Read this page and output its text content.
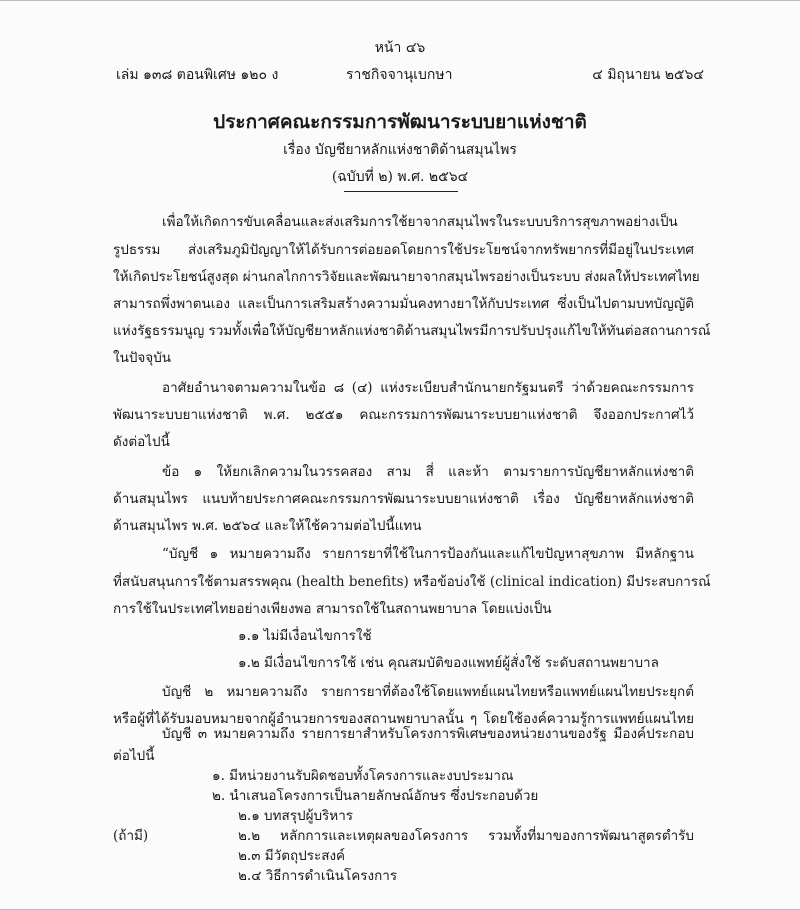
หน้า ๔๖
เล่ม ๑๓๘ ตอนพิเศษ ๑๒๐ ง	ราชกิจจานุเบกษา	๔ มิถุนายน ๒๕๖๔
ประกาศคณะกรรมการพัฒนาระบบยาแห่งชาติ
เรื่อง บัญชียาหลักแห่งชาติด้านสมุนไพร
(ฉบับที่ ๒) พ.ศ. ๒๕๖๔
เพื่อให้เกิดการขับเคลื่อนและส่งเสริมการใช้ยาจากสมุนไพรในระบบบริการสุขภาพอย่างเป็น
รูปธรรม ส่งเสริมภูมิปัญญาให้ได้รับการต่อยอดโดยการใช้ประโยชน์จากทรัพยากรที่มีอยู่ในประเทศ
ให้เกิดประโยชน์สูงสุด ผ่านกลไกการวิจัยและพัฒนายาจากสมุนไพรอย่างเป็นระบบ ส่งผลให้ประเทศไทย
สามารถพึ่งพาตนเอง และเป็นการเสริมสร้างความมั่นคงทางยาให้กับประเทศ ซึ่งเป็นไปตามบทบัญญัติ
แห่งรัฐธรรมนูญ รวมทั้งเพื่อให้บัญชียาหลักแห่งชาติด้านสมุนไพรมีการปรับปรุงแก้ไขให้ทันต่อสถานการณ์
ในปัจจุบัน
อาศัยอำนาจตามความในข้อ ๘ (๔) แห่งระเบียบสำนักนายกรัฐมนตรี ว่าด้วยคณะกรรมการ
พัฒนาระบบยาแห่งชาติ พ.ศ. ๒๕๕๑ คณะกรรมการพัฒนาระบบยาแห่งชาติ จึงออกประกาศไว้
ดังต่อไปนี้
ข้อ ๑ ให้ยกเลิกความในวรรคสอง สาม สี่ และห้า ตามรายการบัญชียาหลักแห่งชาติ
ด้านสมุนไพร แนบท้ายประกาศคณะกรรมการพัฒนาระบบยาแห่งชาติ เรื่อง บัญชียาหลักแห่งชาติ
ด้านสมุนไพร พ.ศ. ๒๕๖๔ และให้ใช้ความต่อไปนี้แทน
“บัญชี ๑ หมายความถึง รายการยาที่ใช้ในการป้องกันและแก้ไขปัญหาสุขภาพ มีหลักฐาน
ที่สนับสนุนการใช้ตามสรรพคุณ (health benefits) หรือข้อบ่งใช้ (clinical indication) มีประสบการณ์
การใช้ในประเทศไทยอย่างเพียงพอ สามารถใช้ในสถานพยาบาล โดยแบ่งเป็น
๑.๑ ไม่มีเงื่อนไขการใช้
๑.๒ มีเงื่อนไขการใช้ เช่น คุณสมบัติของแพทย์ผู้สั่งใช้ ระดับสถานพยาบาล
บัญชี ๒ หมายความถึง รายการยาที่ต้องใช้โดยแพทย์แผนไทยหรือแพทย์แผนไทยประยุกต์
หรือผู้ที่ได้รับมอบหมายจากผู้อำนวยการของสถานพยาบาลนั้น ๆ โดยใช้องค์ความรู้การแพทย์แผนไทย
บัญชี ๓ หมายความถึง รายการยาสำหรับโครงการพิเศษของหน่วยงานของรัฐ มีองค์ประกอบ
ต่อไปนี้
๑. มีหน่วยงานรับผิดชอบทั้งโครงการและงบประมาณ
๒. นำเสนอโครงการเป็นลายลักษณ์อักษร ซึ่งประกอบด้วย
๒.๑ บทสรุปผู้บริหาร
๒.๒ หลักการและเหตุผลของโครงการ รวมทั้งที่มาของการพัฒนาสูตรตำรับ
(ถ้ามี)
๒.๓ มีวัตถุประสงค์
๒.๔ วิธีการดำเนินโครงการ
